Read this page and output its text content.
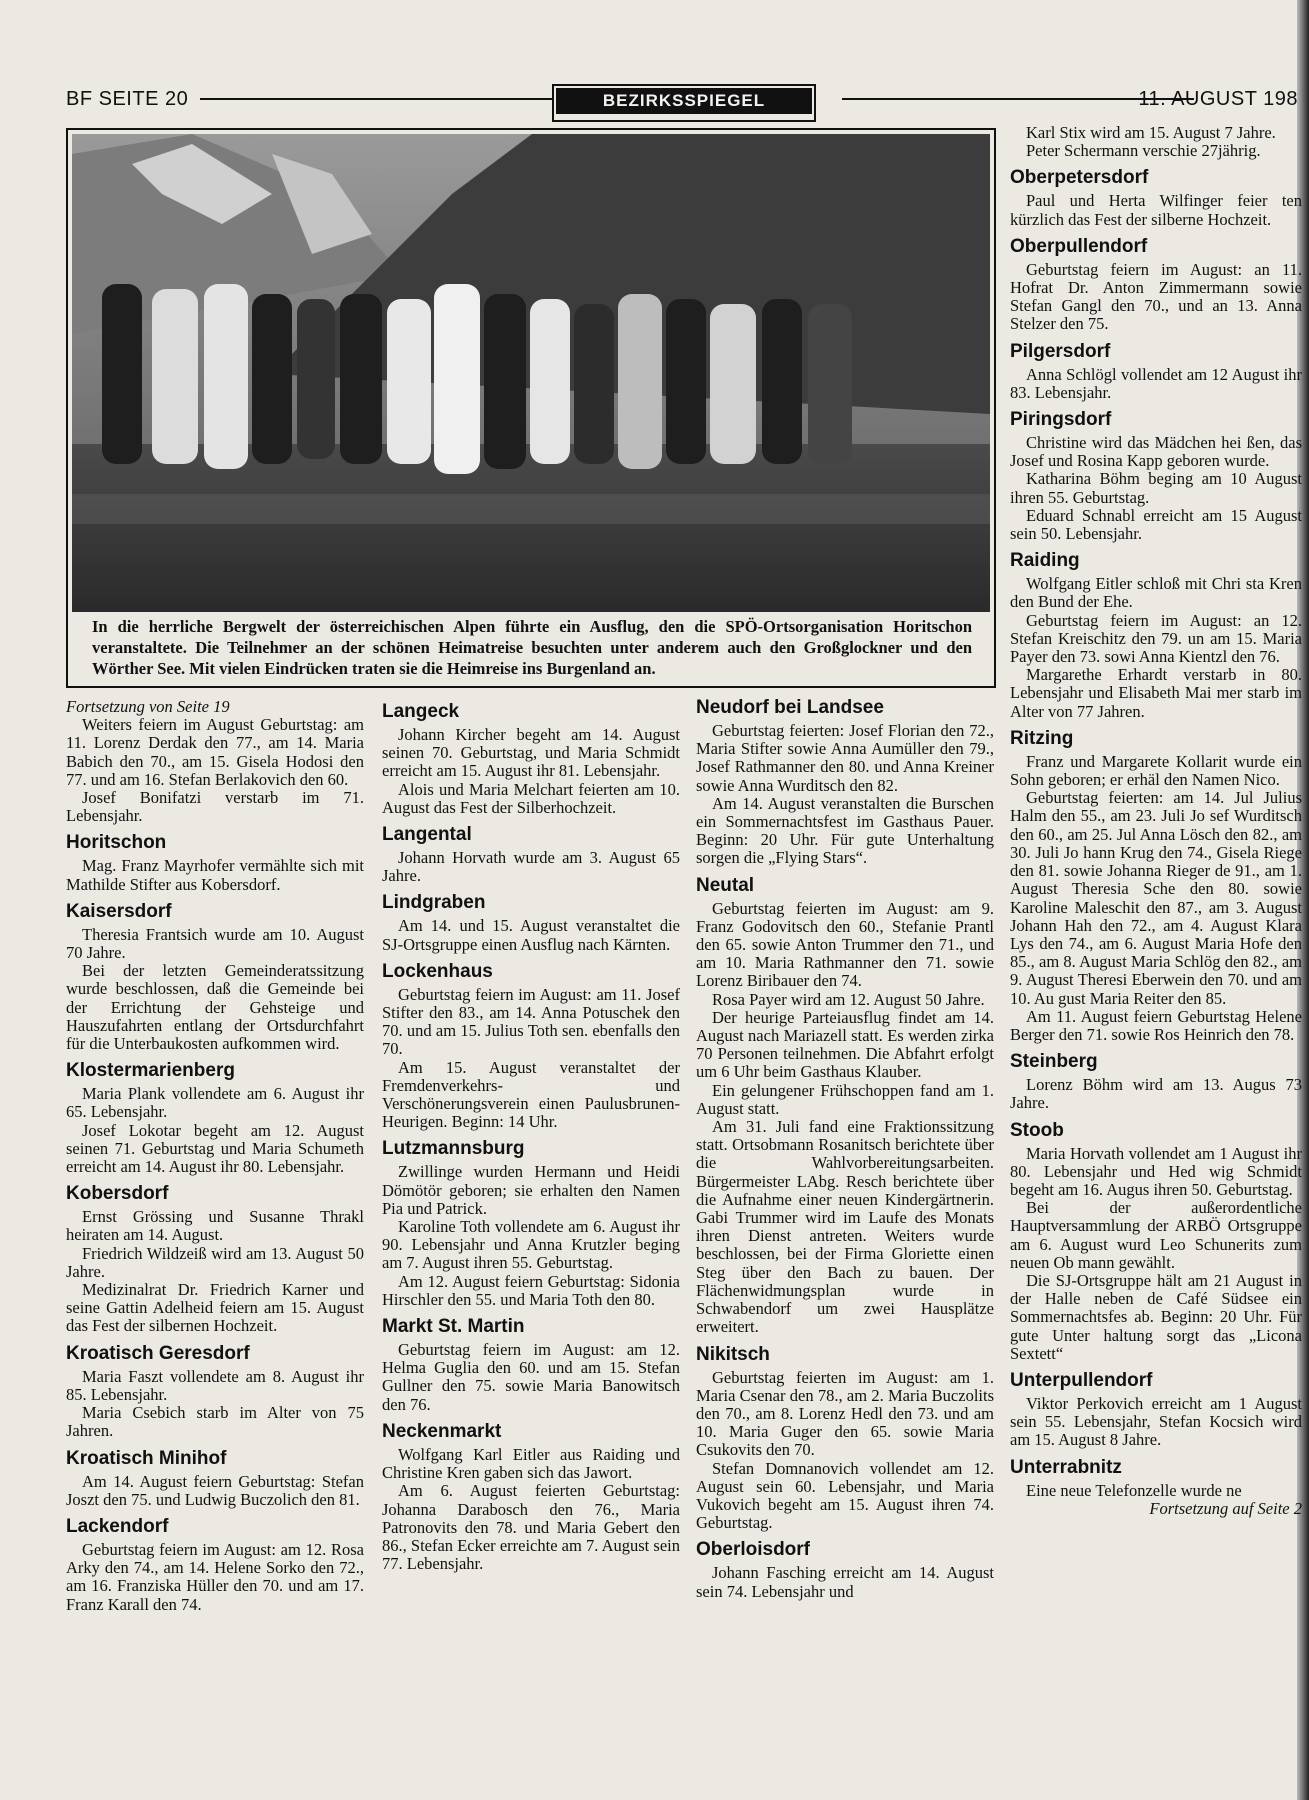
BF SEITE 20	BEZIRKSSPIEGEL	11. AUGUST 198
In die herrliche Bergwelt der österreichischen Alpen führte ein Ausflug, den die SPÖ-Ortsorganisation Horitschon veranstaltete. Die Teilnehmer an der schönen Heimatreise besuchten unter anderem auch den Großglockner und den Wörther See. Mit vielen Eindrücken traten sie die Heimreise ins Burgenland an.

Fortsetzung von Seite 19

Weiters feiern im August Geburtstag: am 11. Lorenz Derdak den 77., am 14. Maria Babich den 70., am 15. Gisela Hodosi den 77. und am 16. Stefan Berlakovich den 60.

Josef Bonifatzi verstarb im 71. Lebensjahr.

Horitschon

Mag. Franz Mayrhofer vermählte sich mit Mathilde Stifter aus Kobersdorf.

Kaisersdorf

Theresia Frantsich wurde am 10. August 70 Jahre.

Bei der letzten Gemeinderatssitzung wurde beschlossen, daß die Gemeinde bei der Errichtung der Gehsteige und Hauszufahrten entlang der Ortsdurchfahrt für die Unterbaukosten aufkommen wird.

Klostermarienberg

Maria Plank vollendete am 6. August ihr 65. Lebensjahr.

Josef Lokotar begeht am 12. August seinen 71. Geburtstag und Maria Schumeth erreicht am 14. August ihr 80. Lebensjahr.

Kobersdorf

Ernst Grössing und Susanne Thrakl heiraten am 14. August.

Friedrich Wildzeiß wird am 13. August 50 Jahre.

Medizinalrat Dr. Friedrich Karner und seine Gattin Adelheid feiern am 15. August das Fest der silbernen Hochzeit.

Kroatisch Geresdorf

Maria Faszt vollendete am 8. August ihr 85. Lebensjahr.

Maria Csebich starb im Alter von 75 Jahren.

Kroatisch Minihof

Am 14. August feiern Geburtstag: Stefan Joszt den 75. und Ludwig Buczolich den 81.

Lackendorf

Geburtstag feiern im August: am 12. Rosa Arky den 74., am 14. Helene Sorko den 72., am 16. Franziska Hüller den 70. und am 17. Franz Karall den 74.

Langeck

Johann Kircher begeht am 14. August seinen 70. Geburtstag, und Maria Schmidt erreicht am 15. August ihr 81. Lebensjahr.

Alois und Maria Melchart feierten am 10. August das Fest der Silberhochzeit.

Langental

Johann Horvath wurde am 3. August 65 Jahre.

Lindgraben

Am 14. und 15. August veranstaltet die SJ-Ortsgruppe einen Ausflug nach Kärnten.

Lockenhaus

Geburtstag feiern im August: am 11. Josef Stifter den 83., am 14. Anna Potuschek den 70. und am 15. Julius Toth sen. ebenfalls den 70.

Am 15. August veranstaltet der Fremdenverkehrs- und Verschönerungsverein einen Paulusbrunen-Heurigen. Beginn: 14 Uhr.

Lutzmannsburg

Zwillinge wurden Hermann und Heidi Dömötör geboren; sie erhalten den Namen Pia und Patrick.

Karoline Toth vollendete am 6. August ihr 90. Lebensjahr und Anna Krutzler beging am 7. August ihren 55. Geburtstag.

Am 12. August feiern Geburtstag: Sidonia Hirschler den 55. und Maria Toth den 80.

Markt St. Martin

Geburtstag feiern im August: am 12. Helma Guglia den 60. und am 15. Stefan Gullner den 75. sowie Maria Banowitsch den 76.

Neckenmarkt

Wolfgang Karl Eitler aus Raiding und Christine Kren gaben sich das Jawort.

Am 6. August feierten Geburtstag: Johanna Darabosch den 76., Maria Patronovits den 78. und Maria Gebert den 86., Stefan Ecker erreichte am 7. August sein 77. Lebensjahr.

Neudorf bei Landsee

Geburtstag feierten: Josef Florian den 72., Maria Stifter sowie Anna Aumüller den 79., Josef Rathmanner den 80. und Anna Kreiner sowie Anna Wurditsch den 82.

Am 14. August veranstalten die Burschen ein Sommernachtsfest im Gasthaus Pauer. Beginn: 20 Uhr. Für gute Unterhaltung sorgen die „Flying Stars“.

Neutal

Geburtstag feierten im August: am 9. Franz Godovitsch den 60., Stefanie Prantl den 65. sowie Anton Trummer den 71., und am 10. Maria Rathmanner den 71. sowie Lorenz Biribauer den 74.

Rosa Payer wird am 12. August 50 Jahre.

Der heurige Parteiausflug findet am 14. August nach Mariazell statt. Es werden zirka 70 Personen teilnehmen. Die Abfahrt erfolgt um 6 Uhr beim Gasthaus Klauber.

Ein gelungener Frühschoppen fand am 1. August statt.

Am 31. Juli fand eine Fraktionssitzung statt. Ortsobmann Rosanitsch berichtete über die Wahlvorbereitungsarbeiten. Bürgermeister LAbg. Resch berichtete über die Aufnahme einer neuen Kindergärtnerin. Gabi Trummer wird im Laufe des Monats ihren Dienst antreten. Weiters wurde beschlossen, bei der Firma Gloriette einen Steg über den Bach zu bauen. Der Flächenwidmungsplan wurde in Schwabendorf um zwei Hausplätze erweitert.

Nikitsch

Geburtstag feierten im August: am 1. Maria Csenar den 78., am 2. Maria Buczolits den 70., am 8. Lorenz Hedl den 73. und am 10. Maria Guger den 65. sowie Maria Csukovits den 70.

Stefan Domnanovich vollendet am 12. August sein 60. Lebensjahr, und Maria Vukovich begeht am 15. August ihren 74. Geburtstag.

Oberloisdorf

Johann Fasching erreicht am 14. August sein 74. Lebensjahr und

Karl Stix wird am 15. August 7 Jahre.

Peter Schermann verschie 27jährig.

Oberpetersdorf

Paul und Herta Wilfinger feier ten kürzlich das Fest der silberne Hochzeit.

Oberpullendorf

Geburtstag feiern im August: an 11. Hofrat Dr. Anton Zimmermann sowie Stefan Gangl den 70., und an 13. Anna Stelzer den 75.

Pilgersdorf

Anna Schlögl vollendet am 12 August ihr 83. Lebensjahr.

Piringsdorf

Christine wird das Mädchen hei ßen, das Josef und Rosina Kapp geboren wurde.

Katharina Böhm beging am 10 August ihren 55. Geburtstag.

Eduard Schnabl erreicht am 15 August sein 50. Lebensjahr.

Raiding

Wolfgang Eitler schloß mit Chri sta Kren den Bund der Ehe.

Geburtstag feiern im August: an 12. Stefan Kreischitz den 79. un am 15. Maria Payer den 73. sowi Anna Kientzl den 76.

Margarethe Erhardt verstarb in 80. Lebensjahr und Elisabeth Mai mer starb im Alter von 77 Jahren.

Ritzing

Franz und Margarete Kollarit wurde ein Sohn geboren; er erhäl den Namen Nico.

Geburtstag feierten: am 14. Jul Julius Halm den 55., am 23. Juli Jo sef Wurditsch den 60., am 25. Jul Anna Lösch den 82., am 30. Juli Jo hann Krug den 74., Gisela Riege den 81. sowie Johanna Rieger de 91., am 1. August Theresia Sche den 80. sowie Karoline Maleschit den 87., am 3. August Johann Hah den 72., am 4. August Klara Lys den 74., am 6. August Maria Hofe den 85., am 8. August Maria Schlög den 82., am 9. August Theresi Eberwein den 70. und am 10. Au gust Maria Reiter den 85.

Am 11. August feiern Geburtstag Helene Berger den 71. sowie Ros Heinrich den 78.

Steinberg

Lorenz Böhm wird am 13. Augus 73 Jahre.

Stoob

Maria Horvath vollendet am 1 August ihr 80. Lebensjahr und Hed wig Schmidt begeht am 16. Augus ihren 50. Geburtstag.

Bei der außerordentliche Hauptversammlung der ARBÖ Ortsgruppe am 6. August wurd Leo Schunerits zum neuen Ob mann gewählt.

Die SJ-Ortsgruppe hält am 21 August in der Halle neben de Café Südsee ein Sommernachtsfes ab. Beginn: 20 Uhr. Für gute Unter haltung sorgt das „Licona Sextett“

Unterpullendorf

Viktor Perkovich erreicht am 1 August sein 55. Lebensjahr, Stefan Kocsich wird am 15. August 8 Jahre.

Unterrabnitz

Eine neue Telefonzelle wurde ne

Fortsetzung auf Seite 2
